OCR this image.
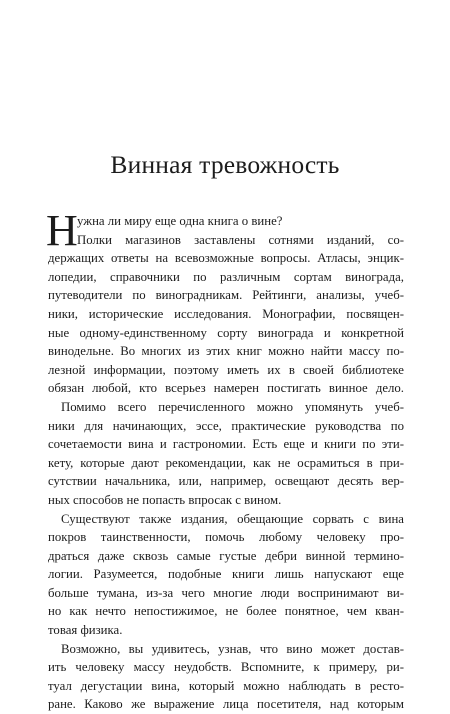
Винная тревожность
Н ужна ли миру еще одна книга о вине?
Полки магазинов заставлены сотнями изданий, со-
держащих ответы на всевозможные вопросы. Атласы, энцик-
лопедии, справочники по различным сортам винограда,
путеводители по виноградникам. Рейтинги, анализы, учеб-
ники, исторические исследования. Монографии, посвящен-
ные одному-единственному сорту винограда и конкретной
винодельне. Во многих из этих книг можно найти массу по-
лезной информации, поэтому иметь их в своей библиотеке
обязан любой, кто всерьез намерен постигать винное дело.
Помимо всего перечисленного можно упомянуть учеб-
ники для начинающих, эссе, практические руководства по
сочетаемости вина и гастрономии. Есть еще и книги по эти-
кету, которые дают рекомендации, как не осрамиться в при-
сутствии начальника, или, например, освещают десять вер-
ных способов не попасть впросак с вином.
Существуют также издания, обещающие сорвать с вина
покров таинственности, помочь любому человеку про-
драться даже сквозь самые густые дебри винной термино-
логии. Разумеется, подобные книги лишь напускают еще
больше тумана, из-за чего многие люди воспринимают ви-
но как нечто непостижимое, не более понятное, чем кван-
товая физика.
Возможно, вы удивитесь, узнав, что вино может достав-
ить человеку массу неудобств. Вспомните, к примеру, ри-
туал дегустации вина, который можно наблюдать в ресто-
ране. Каково же выражение лица посетителя, над которым
